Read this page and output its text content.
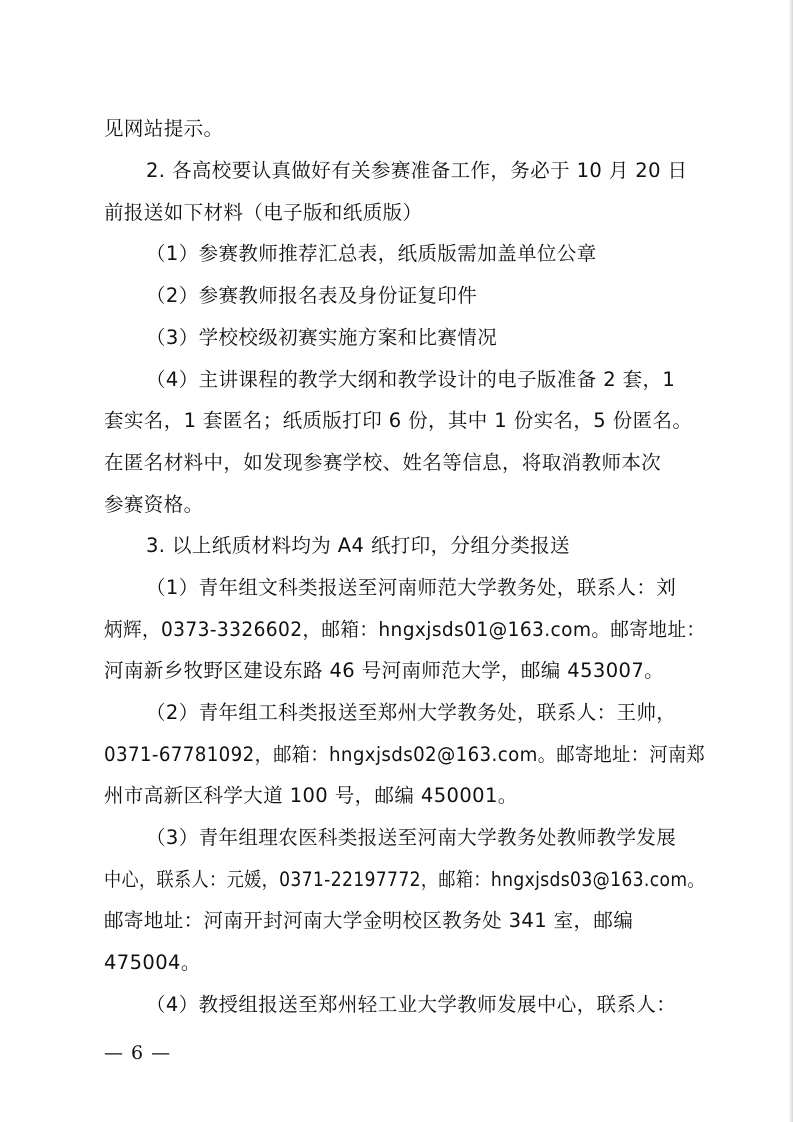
见网站提示。
2. 各高校要认真做好有关参赛准备工作，务必于 10 月 20 日
前报送如下材料（电子版和纸质版）
（1）参赛教师推荐汇总表，纸质版需加盖单位公章
（2）参赛教师报名表及身份证复印件
（3）学校校级初赛实施方案和比赛情况
（4）主讲课程的教学大纲和教学设计的电子版准备 2 套，1
套实名，1 套匿名；纸质版打印 6 份，其中 1 份实名，5 份匿名。
在匿名材料中，如发现参赛学校、姓名等信息，将取消教师本次
参赛资格。
3. 以上纸质材料均为 A4 纸打印，分组分类报送
（1）青年组文科类报送至河南师范大学教务处，联系人：刘
炳辉，0373-3326602，邮箱：hngxjsds01@163.com。邮寄地址：
河南新乡牧野区建设东路 46 号河南师范大学，邮编 453007。
（2）青年组工科类报送至郑州大学教务处，联系人：王帅，
0371-67781092，邮箱：hngxjsds02@163.com。邮寄地址：河南郑
州市高新区科学大道 100 号，邮编 450001。
（3）青年组理农医科类报送至河南大学教务处教师教学发展
中心，联系人：元媛，0371-22197772，邮箱：hngxjsds03@163.com。
邮寄地址：河南开封河南大学金明校区教务处 341 室，邮编
475004。
（4）教授组报送至郑州轻工业大学教师发展中心，联系人：
— 6 —
